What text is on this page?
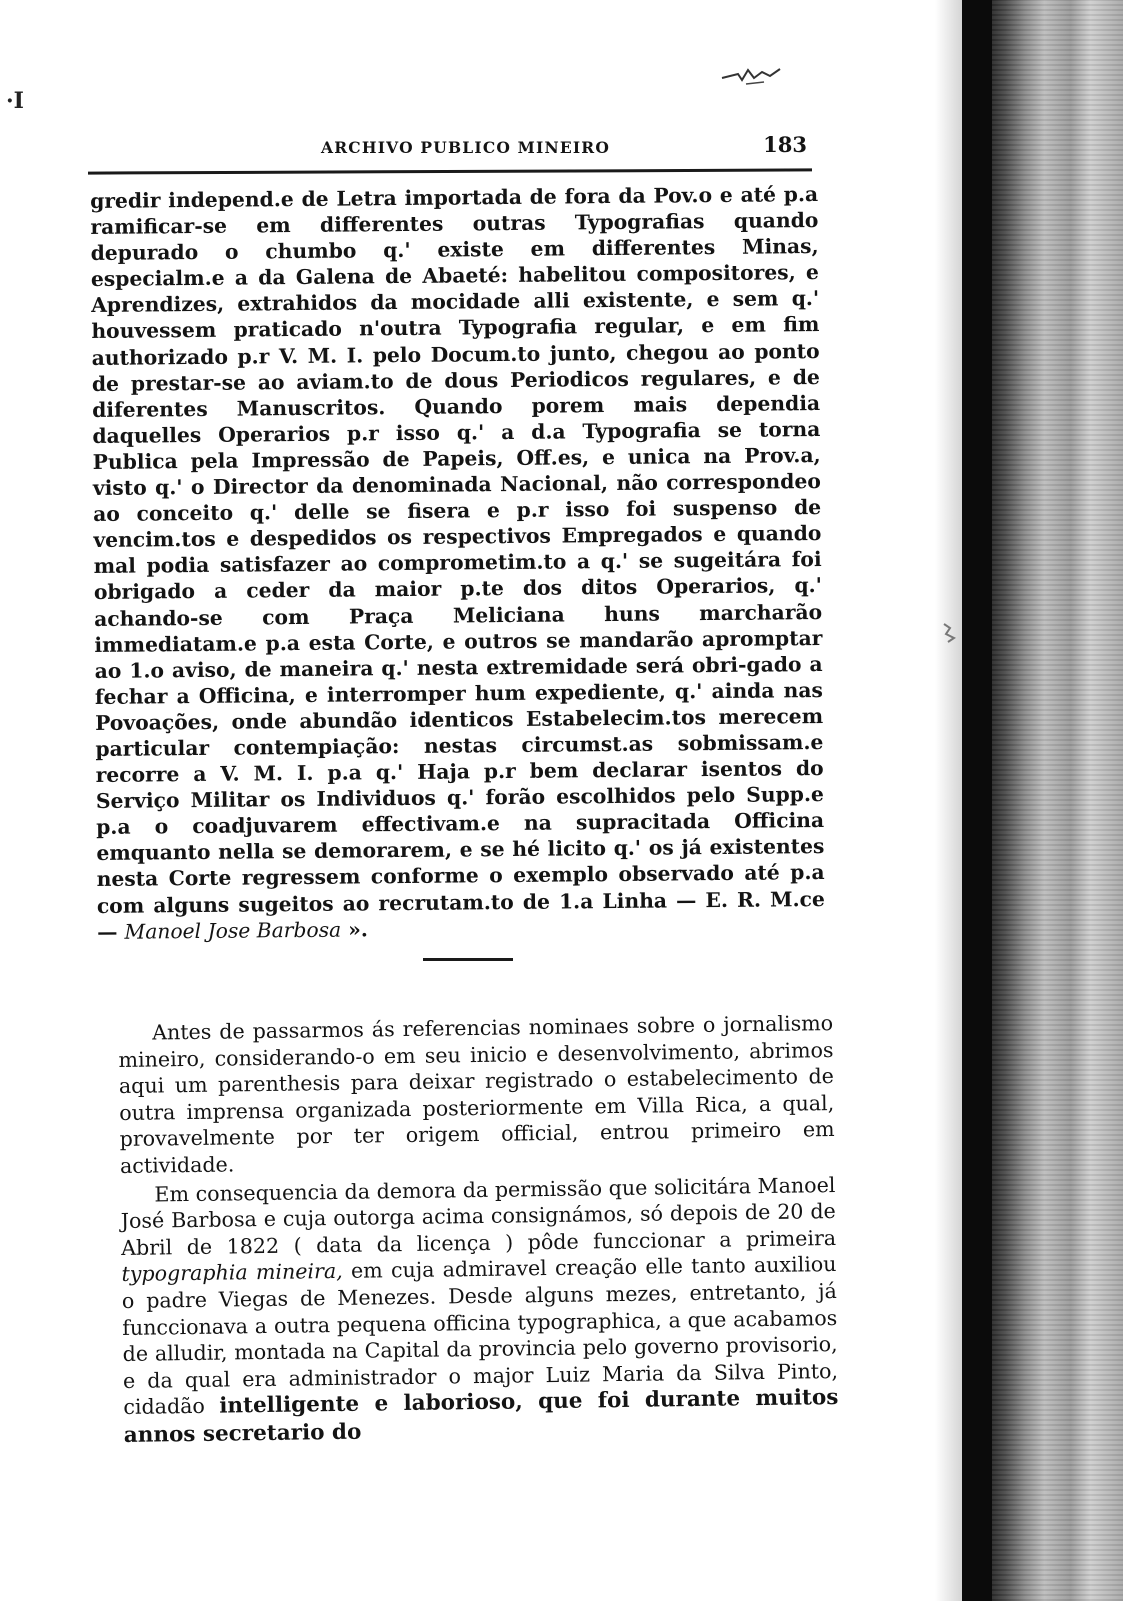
·I
ARCHIVO PUBLICO MINEIRO	183
gredir independ.e de Letra importada de fora da Pov.o e até p.a ramificar-se em differentes outras Typografias quando depurado o chumbo q.' existe em differentes Minas, especialm.e a da Galena de Abaeté: habelitou compositores, e Aprendizes, extrahidos da mocidade alli existente, e sem q.' houvessem praticado n'outra Typografia regular, e em fim authorizado p.r V. M. I. pelo Docum.to junto, chegou ao ponto de prestar-se ao aviam.to de dous Periodicos regulares, e de diferentes Manuscritos. Quando porem mais dependia daquelles Operarios p.r isso q.' a d.a Typografia se torna Publica pela Impressão de Papeis, Off.es, e unica na Prov.a, visto q.' o Director da denominada Nacional, não correspondeo ao conceito q.' delle se fisera e p.r isso foi suspenso de vencim.tos e despedidos os respectivos Empregados e quando mal podia satisfazer ao comprometim.to a q.' se sugeitára foi obrigado a ceder da maior p.te dos ditos Operarios, q.' achando-se com Praça Meliciana huns marcharão immediatam.e p.a esta Corte, e outros se mandarão apromptar ao 1.o aviso, de maneira q.' nesta extremidade será obri-gado a fechar a Officina, e interromper hum expediente, q.' ainda nas Povoações, onde abundão identicos Estabelecim.tos merecem particular contempiação: nestas circumst.as sobmissam.e recorre a V. M. I. p.a q.' Haja p.r bem declarar isentos do Serviço Militar os Individuos q.' forão escolhidos pelo Supp.e p.a o coadjuvarem effectivam.e na supracitada Officina emquanto nella se demorarem, e se hé licito q.' os já existentes nesta Corte regressem conforme o exemplo observado até p.a com alguns sugeitos ao recrutam.to de 1.a Linha — E. R. M.ce — Manoel Jose Barbosa ».

Antes de passarmos ás referencias nominaes sobre o jornalismo mineiro, considerando-o em seu inicio e desenvolvimento, abrimos aqui um parenthesis para deixar registrado o estabelecimento de outra imprensa organizada posteriormente em Villa Rica, a qual, provavelmente por ter origem official, entrou primeiro em actividade.

Em consequencia da demora da permissão que solicitára Manoel José Barbosa e cuja outorga acima consignámos, só depois de 20 de Abril de 1822 ( data da licença ) pôde funccionar a primeira typographia mineira, em cuja admiravel creação elle tanto auxiliou o padre Viegas de Menezes. Desde alguns mezes, entretanto, já funccionava a outra pequena officina typographica, a que acabamos de alludir, montada na Capital da provincia pelo governo provisorio, e da qual era administrador o major Luiz Maria da Silva Pinto, cidadão intelligente e laborioso, que foi durante muitos annos secretario do
